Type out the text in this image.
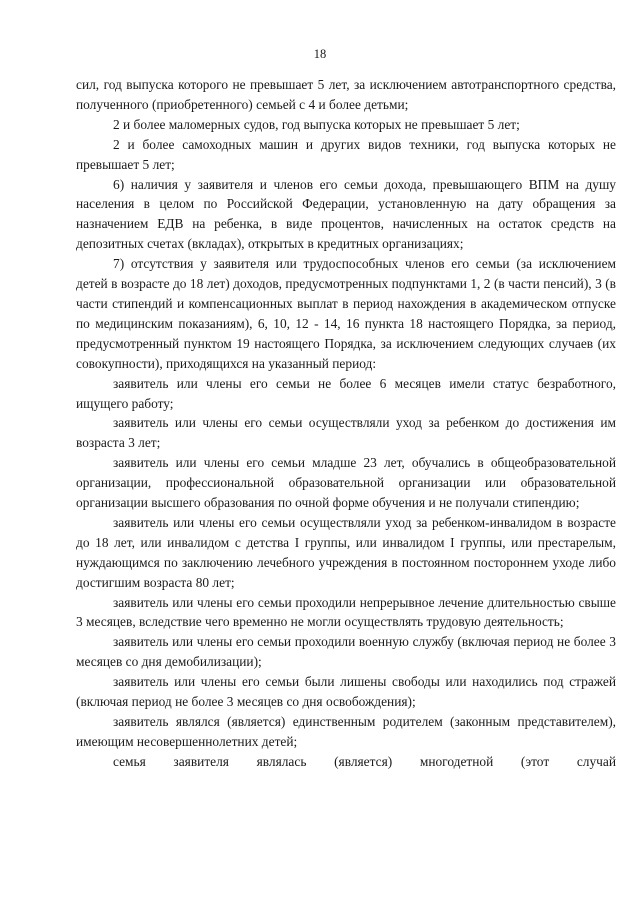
18

сил, год выпуска которого не превышает 5 лет, за исключением автотранспортного средства, полученного (приобретенного) семьей с 4 и более детьми;

2 и более маломерных судов, год выпуска которых не превышает 5 лет;

2 и более самоходных машин и других видов техники, год выпуска которых не превышает 5 лет;

6) наличия у заявителя и членов его семьи дохода, превышающего ВПМ на душу населения в целом по Российской Федерации, установленную на дату обращения за назначением ЕДВ на ребенка, в виде процентов, начисленных на остаток средств на депозитных счетах (вкладах), открытых в кредитных организациях;

7) отсутствия у заявителя или трудоспособных членов его семьи (за исключением детей в возрасте до 18 лет) доходов, предусмотренных подпунктами 1, 2 (в части пенсий), 3 (в части стипендий и компенсационных выплат в период нахождения в академическом отпуске по медицинским показаниям), 6, 10, 12 - 14, 16 пункта 18 настоящего Порядка, за период, предусмотренный пунктом 19 настоящего Порядка, за исключением следующих случаев (их совокупности), приходящихся на указанный период:

заявитель или члены его семьи не более 6 месяцев имели статус безработного, ищущего работу;

заявитель или члены его семьи осуществляли уход за ребенком до достижения им возраста 3 лет;

заявитель или члены его семьи младше 23 лет, обучались в общеобразовательной организации, профессиональной образовательной организации или образовательной организации высшего образования по очной форме обучения и не получали стипендию;

заявитель или члены его семьи осуществляли уход за ребенком-инвалидом в возрасте до 18 лет, или инвалидом с детства I группы, или инвалидом I группы, или престарелым, нуждающимся по заключению лечебного учреждения в постоянном постороннем уходе либо достигшим возраста 80 лет;

заявитель или члены его семьи проходили непрерывное лечение длительностью свыше 3 месяцев, вследствие чего временно не могли осуществлять трудовую деятельность;

заявитель или члены его семьи проходили военную службу (включая период не более 3 месяцев со дня демобилизации);

заявитель или члены его семьи были лишены свободы или находились под стражей (включая период не более 3 месяцев со дня освобождения);

заявитель являлся (является) единственным родителем (законным представителем), имеющим несовершеннолетних детей;

семья заявителя являлась (является) многодетной (этот случай
